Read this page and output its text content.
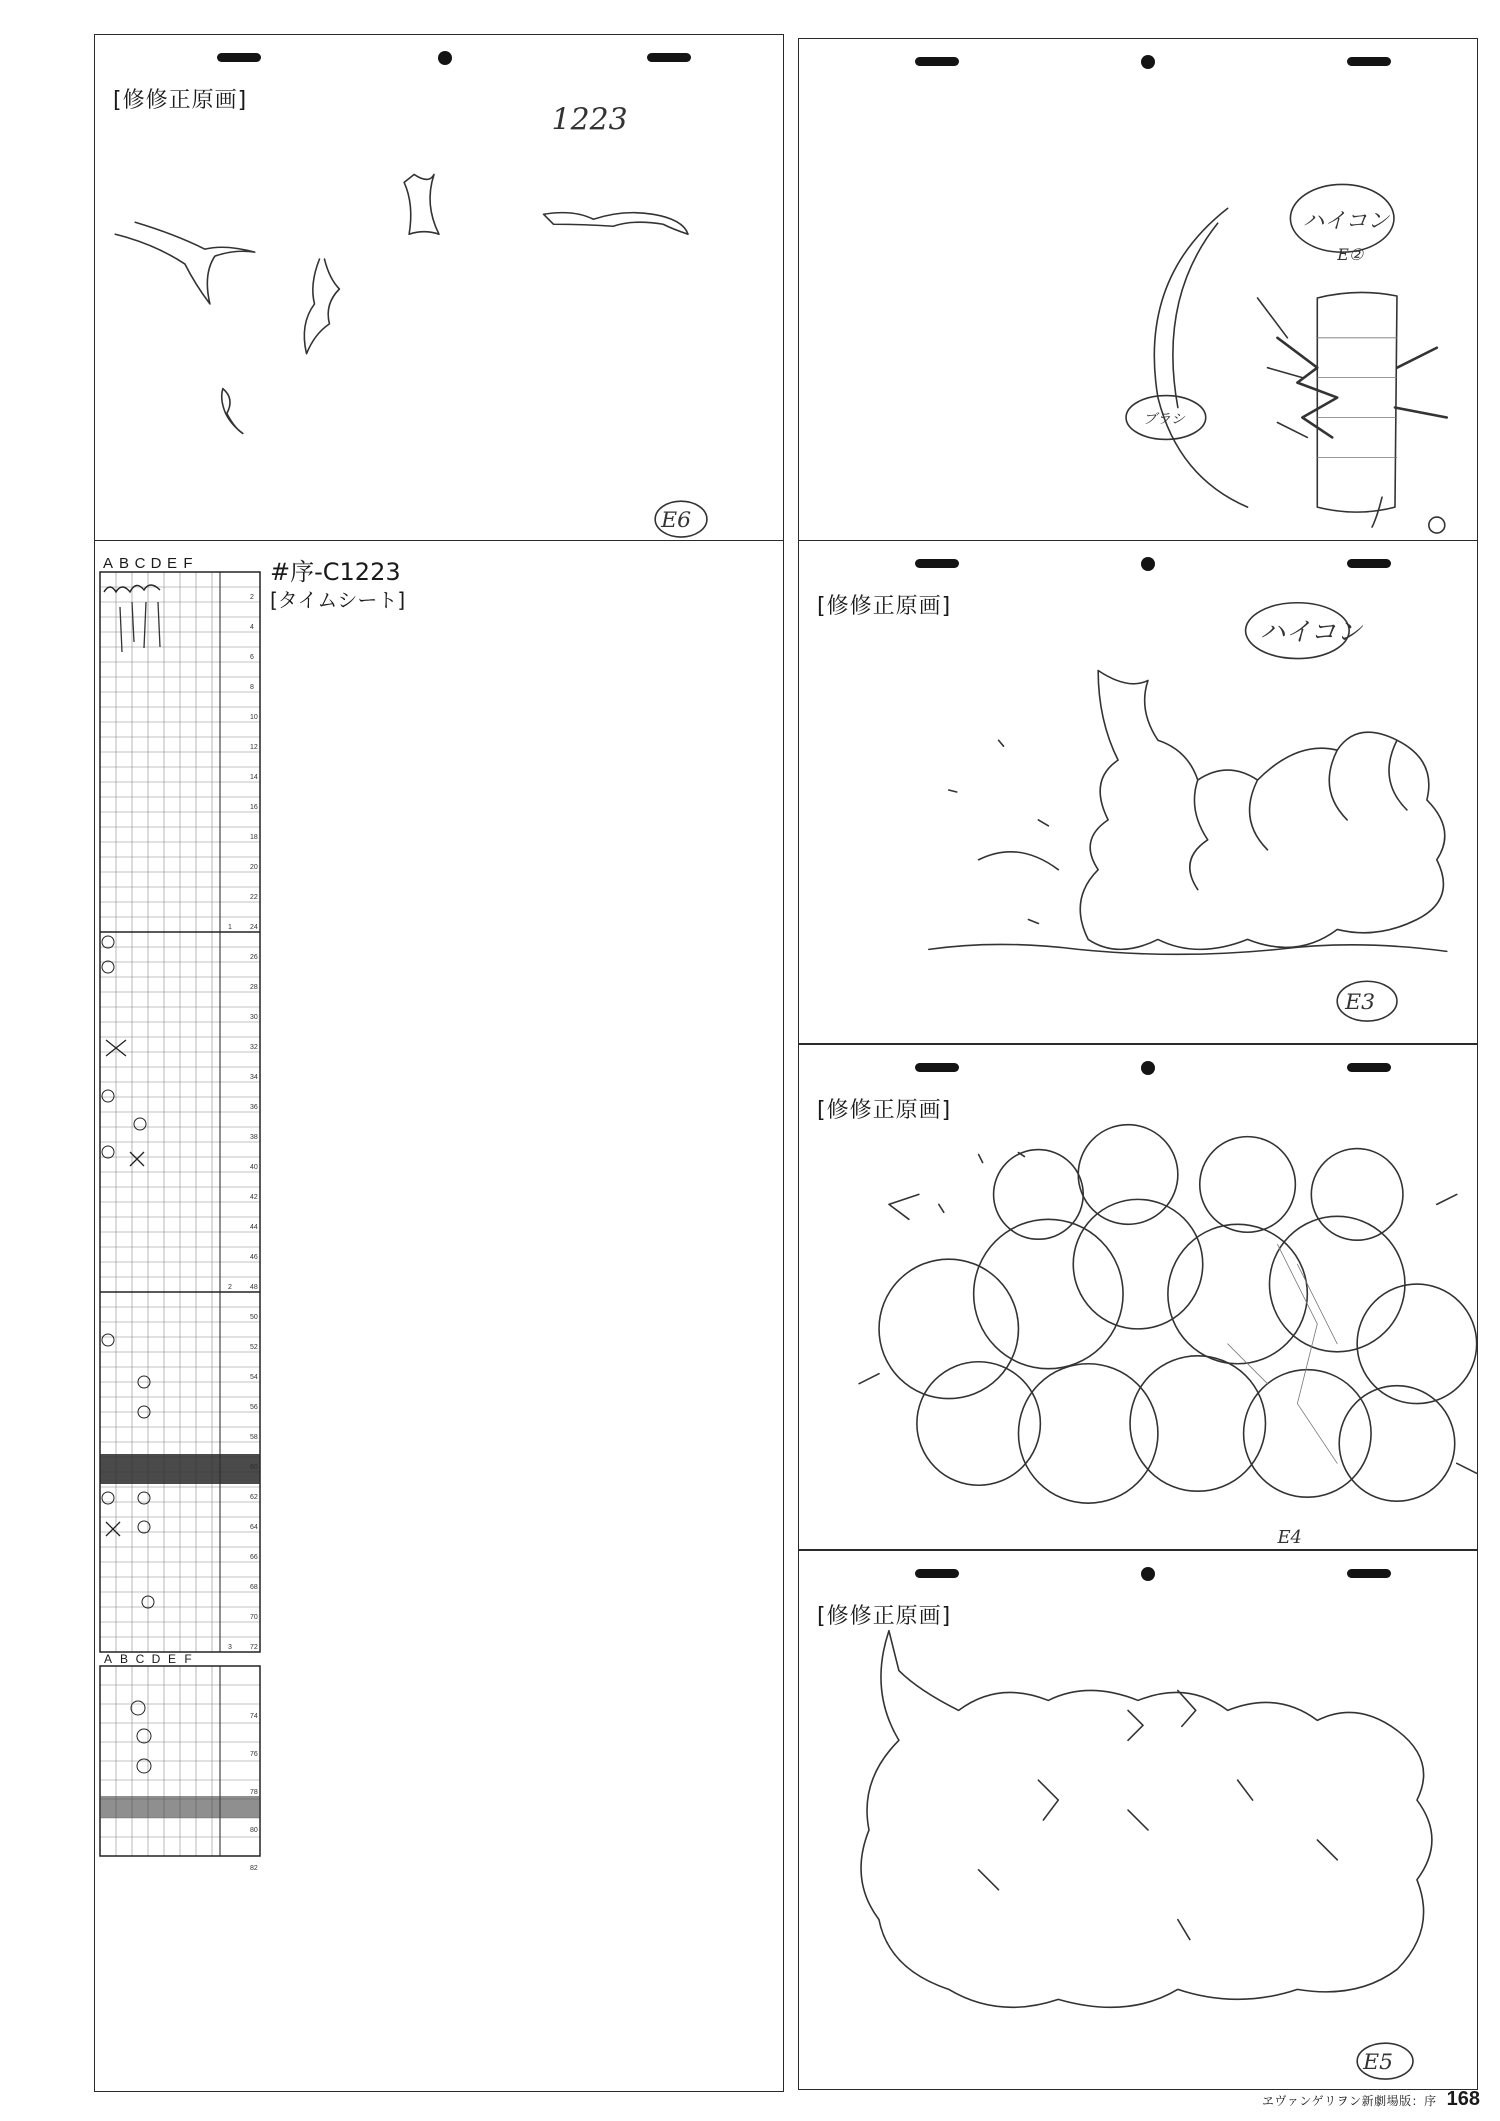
[修修正原画]
1223
E6
A B C D E F
2
4
6
8
10
12
14
16
18
20
22
24
26
28
30
32
34
36
38
40
42
44
46
48
50
52
54
56
58
62
64
66
68
70
72
1
2
3
A B C D E F
74
76
78
80
82
#序-C1223
[タイムシート]
ハイコン
E②
ブラシ
[修修正原画]
ハイコン
E3
[修修正原画]
E4
[修修正原画]
E5
ヱヴァンゲリヲン新劇場版：序 168
